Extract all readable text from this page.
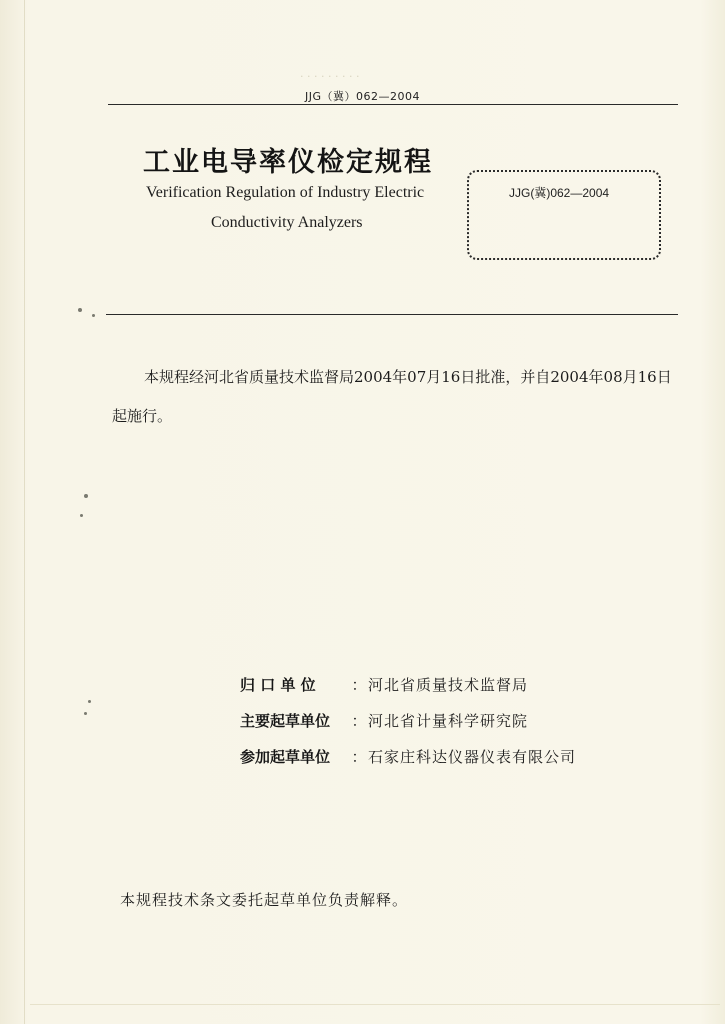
· · · · · · · · ·
JJG（冀）062—2004
工业电导率仪检定规程
Verification Regulation of Industry Electric
Conductivity Analyzers
JJG(冀)062—2004
本规程经河北省质量技术监督局2004年07月16日批准，并自2004年08月16日起施行。
归 口 单 位	： 河北省质量技术监督局
主要起草单位	： 河北省计量科学研究院
参加起草单位	： 石家庄科达仪器仪表有限公司
本规程技术条文委托起草单位负责解释。
